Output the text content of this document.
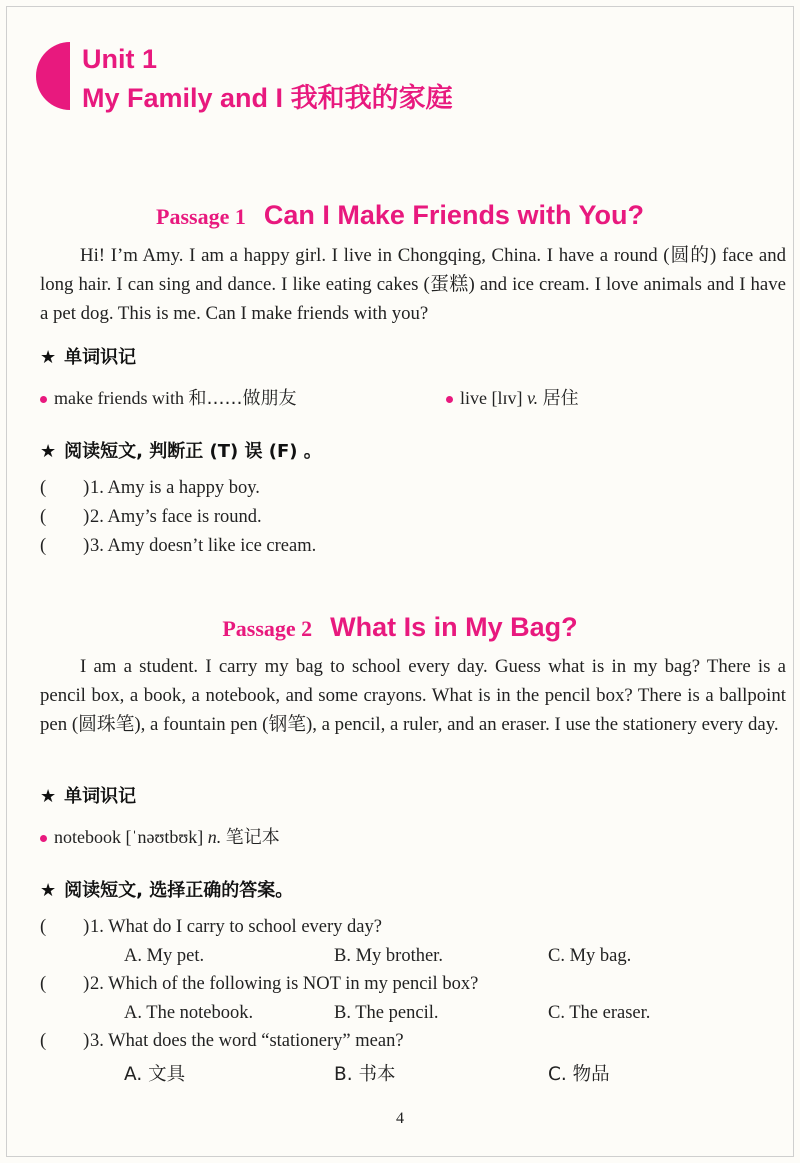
Unit 1
My Family and I 我和我的家庭
Passage 1 Can I Make Friends with You?
Hi! I’m Amy. I am a happy girl. I live in Chongqing, China. I have a round (圆的) face and long hair. I can sing and dance. I like eating cakes (蛋糕) and ice cream. I love animals and I have a pet dog. This is me. Can I make friends with you?
★ 单词识记
make friends with 和……做朋友	live [lɪv] v. 居住
★ 阅读短文, 判断正 (T) 误 (F) 。
(        )1. Amy is a happy boy.
(        )2. Amy’s face is round.
(        )3. Amy doesn’t like ice cream.
Passage 2 What Is in My Bag?
I am a student. I carry my bag to school every day. Guess what is in my bag? There is a pencil box, a book, a notebook, and some crayons. What is in the pencil box? There is a ballpoint pen (圆珠笔), a fountain pen (钢笔), a pencil, a ruler, and an eraser. I use the stationery every day.
★ 单词识记
notebook [ˈnəʊtbʊk] n. 笔记本
★ 阅读短文, 选择正确的答案。
(        )1. What do I carry to school every day?
A. My pet.	B. My brother.	C. My bag.
(        )2. Which of the following is NOT in my pencil box?
A. The notebook.	B. The pencil.	C. The eraser.
(        )3. What does the word “stationery” mean?
A. 文具	B. 书本	C. 物品
4
